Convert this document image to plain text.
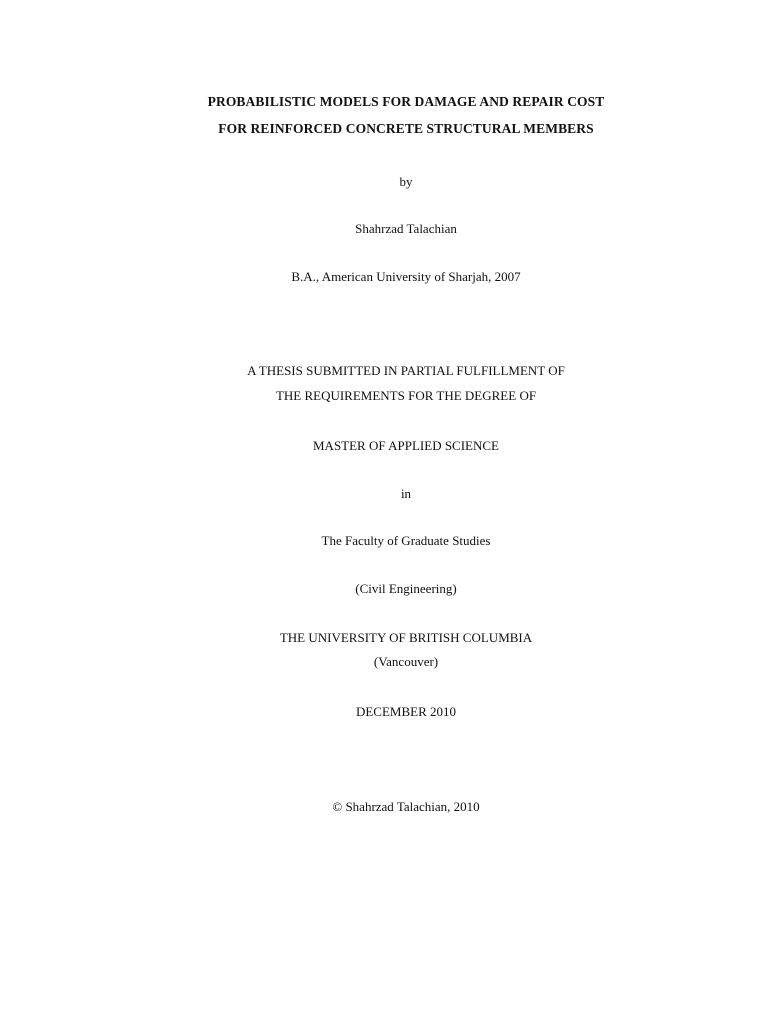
PROBABILISTIC MODELS FOR DAMAGE AND REPAIR COST
FOR REINFORCED CONCRETE STRUCTURAL MEMBERS
by
Shahrzad Talachian
B.A., American University of Sharjah, 2007
A THESIS SUBMITTED IN PARTIAL FULFILLMENT OF
THE REQUIREMENTS FOR THE DEGREE OF
MASTER OF APPLIED SCIENCE
in
The Faculty of Graduate Studies
(Civil Engineering)
THE UNIVERSITY OF BRITISH COLUMBIA
(Vancouver)
DECEMBER 2010
© Shahrzad Talachian, 2010
